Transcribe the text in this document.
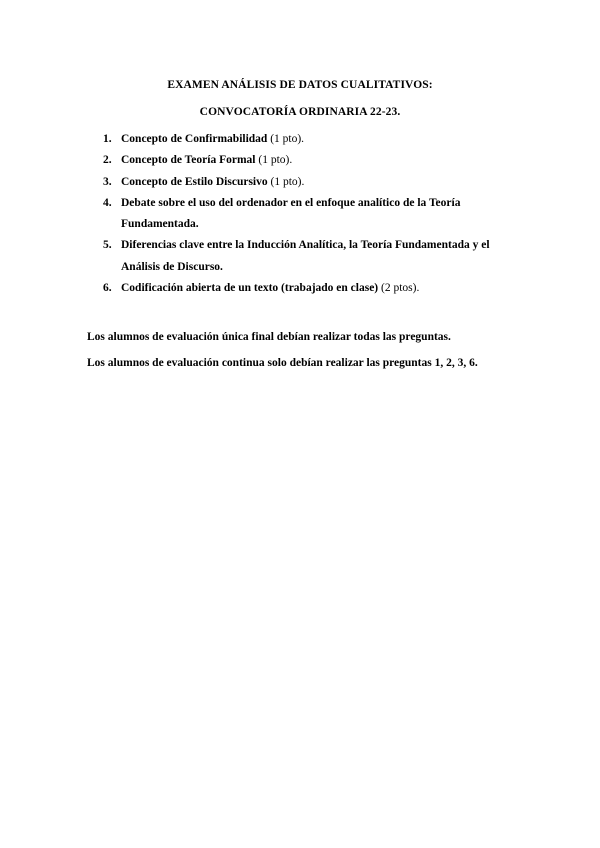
EXAMEN ANÁLISIS DE DATOS CUALITATIVOS:
CONVOCATORÍA ORDINARIA 22-23.
1. Concepto de Confirmabilidad (1 pto).
2. Concepto de Teoría Formal (1 pto).
3. Concepto de Estilo Discursivo (1 pto).
4. Debate sobre el uso del ordenador en el enfoque analítico de la Teoría Fundamentada.
5. Diferencias clave entre la Inducción Analítica, la Teoría Fundamentada y el Análisis de Discurso.
6. Codificación abierta de un texto (trabajado en clase) (2 ptos).
Los alumnos de evaluación única final debían realizar todas las preguntas.
Los alumnos de evaluación continua solo debían realizar las preguntas 1, 2, 3, 6.
